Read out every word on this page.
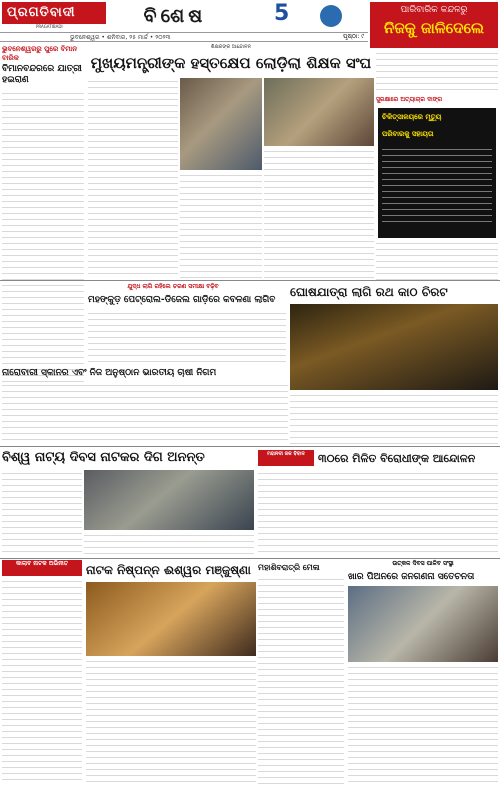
ପ୍ରଗତିବାଦୀ
PRAGATIBADI	ବିଶେଷ	5	ପାରିବାରିକ କନ୍ଦଳରୁ
ନିଜକୁ ଜାଳିଦେଲେ
ଭୁବନେଶ୍ୱର • ଶନିବାର, ୨୫ ମାର୍ଚ୍ଚ • ୨୦୨୩	ପୃଷ୍ଠା: ୯
ଭୁବନେଶ୍ୱରରୁ ପୁରେ ବିମାନ ବାରିକ
ବିମାନବନ୍ଦରରେ ଯାତ୍ରୀ ହଇରାଣ
ଶିକ୍ଷକଙ୍କ ଆନ୍ଦୋଳନ
ମୁଖ୍ୟମନ୍ତ୍ରୀଙ୍କ ହସ୍ତକ୍ଷେପ ଲୋଡ଼ିଲା ଶିକ୍ଷକ ସଂଘ
ସୁରକ୍ଷାରେ ଅତ୍ୟାଚାର ଦାଙ୍ଗ
ଚିକିତ୍ସାଳୟରେ ମୃତ୍ୟୁ
ପରିବାରକୁ ସହାୟତା
ଯୁଦ୍ଧ ଲାଗି ରହିଲେ ଚରଣ ସମୀକ୍ଷା ବଢ଼ିବ
ମହଙ୍କୁଡ଼ ପେଟ୍ରୋଲ-ଡିଜେଲ ଗାଡ଼ିରେ କବଳଣା ଲାଗିବ
ଘୋଷଯାତ୍ରା ଲାଗି ରଥ କାଠ ଚିରଟ
ନାରୋବାରୀ ସ୍କାନର ଏବଂ ନିଜ ଅନୁଷ୍ଠାନ ଭାରତୀୟ ଚାଷୀ ନିଗମ
ବିଶ୍ୱ ନାଟ୍ୟ ଦିବସ ନାଟକର ଦିଗ ଅନନ୍ତ	ମହାନଦୀ ଜଳ ବିବାଦ	୩୦ରେ ମିଳିତ ବିରୋଧୀଙ୍କ ଆନ୍ଦୋଳନ
କାଲାବ ନାଟକ ଅଭିନୀତ	ନାଟକ ନିଷ୍ପନ୍ନ ଈଶ୍ୱର ମଞ୍ଜୁଷ୍ଣା ମହାଶିବରାତ୍ରି ମେଳା	ଉତ୍କଳ ଦିବସ ପାଳିବ ସଂସ୍ଥା
ଖାର ପିଅନରେ ଜନଗଣନା ସତେଚନତା
